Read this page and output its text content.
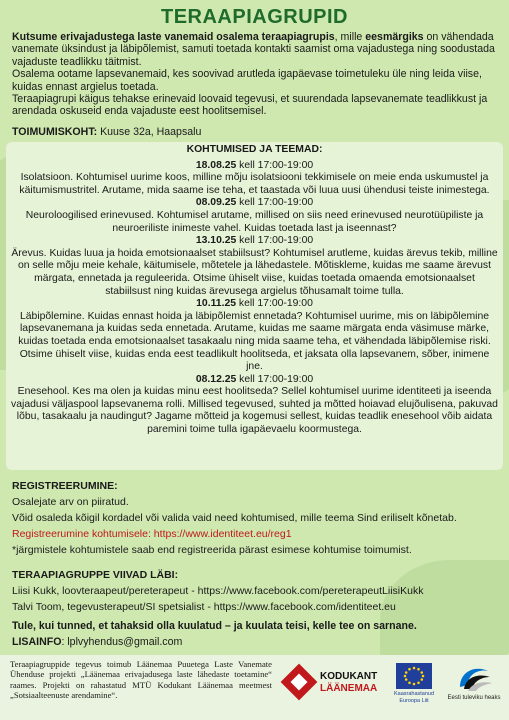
TERAAPIAGRUPID

Kutsume erivajadustega laste vanemaid osalema teraapiagrupis, mille eesmärgiks on vähendada vanemate üksindust ja läbipõlemist, samuti toetada kontakti saamist oma vajadustega ning soodustada vajaduste teadlikku täitmist.

Osalema ootame lapsevanemaid, kes soovivad arutleda igapäevase toimetuleku üle ning leida viise, kuidas ennast argielus toetada.

Teraapiagrupi käigus tehakse erinevaid loovaid tegevusi, et suurendada lapsevanemate teadlikkust ja arendada oskuseid enda vajaduste eest hoolitsemisel.

TOIMUMISKOHT: Kuuse 32a, Haapsalu
KOHTUMISED JA TEEMAD:
18.08.25 kell 17:00-19:00
Isolatsioon. Kohtumisel uurime koos, milline mõju isolatsiooni tekkimisele on meie enda uskumustel ja käitumismustritel. Arutame, mida saame ise teha, et taastada või luua uusi ühendusi teiste inimestega.
08.09.25 kell 17:00-19:00
Neuroloogilised erinevused. Kohtumisel arutame, millised on siis need erinevused neurotüüpiliste ja neuroeriliste inimeste vahel. Kuidas toetada last ja iseennast?
13.10.25 kell 17:00-19:00
Ärevus. Kuidas luua ja hoida emotsionaalset stabiilsust? Kohtumisel arutleme, kuidas ärevus tekib, milline on selle mõju meie kehale, käitumisele, mõtetele ja lähedastele. Mõtiskleme, kuidas me saame ärevust märgata, ennetada ja reguleerida. Otsime ühiselt viise, kuidas toetada omaenda emotsionaalset stabiilsust ning kuidas ärevusega argielus tõhusamalt toime tulla.
10.11.25 kell 17:00-19:00
Läbipõlemine. Kuidas ennast hoida ja läbipõlemist ennetada? Kohtumisel uurime, mis on läbipõlemine lapsevanemana ja kuidas seda ennetada. Arutame, kuidas me saame märgata enda väsimuse märke, kuidas toetada enda emotsionaalset tasakaalu ning mida saame teha, et vähendada läbipõlemise riski. Otsime ühiselt viise, kuidas enda eest teadlikult hoolitseda, et jaksata olla lapsevanem, sõber, inimene jne.
08.12.25 kell 17:00-19:00
Enesehool. Kes ma olen ja kuidas minu eest hoolitseda? Sellel kohtumisel uurime identiteeti ja iseenda vajadusi väljaspool lapsevanema rolli. Millised tegevused, suhted ja mõtted hoiavad elujõulisena, pakuvad lõbu, tasakaalu ja naudingut? Jagame mõtteid ja kogemusi sellest, kuidas teadlik enesehool võib aidata paremini toime tulla igapäevaelu koormustega.
REGISTREERUMINE:
Osalejate arv on piiratud.
Võid osaleda kõigil kordadel või valida vaid need kohtumised, mille teema Sind eriliselt kõnetab.
Registreerumine kohtumisele: https://www.identiteet.eu/reg1
*järgmistele kohtumistele saab end registreerida pärast esimese kohtumise toimumist.
TERAAPIAGRUPPE VIIVAD LÄBI:
Liisi Kukk, loovteraapeut/pereterapeut - https://www.facebook.com/pereterapeutLiisiKukk
Talvi Toom, tegevusterapeut/SI spetsialist - https://www.facebook.com/identiteet.eu
Tule, kui tunned, et tahaksid olla kuulatud – ja kuulata teisi, kelle tee on sarnane.
LISAINFO: lplvyhendus@gmail.com
Teraapiagruppide tegevus toimub Läänemaa Puuetega Laste Vanemate Ühenduse projekti „Läänemaa erivajadusega laste lähedaste toetamine“ raames. Projekti on rahastatud MTÜ Kodukant Läänemaa meetmest „Sotsiaalteenuste arendamine“.
KODUKANT
LÄÄNEMAA	Kaasrahastanud Euroopa Liit	Eesti tuleviku heaks
